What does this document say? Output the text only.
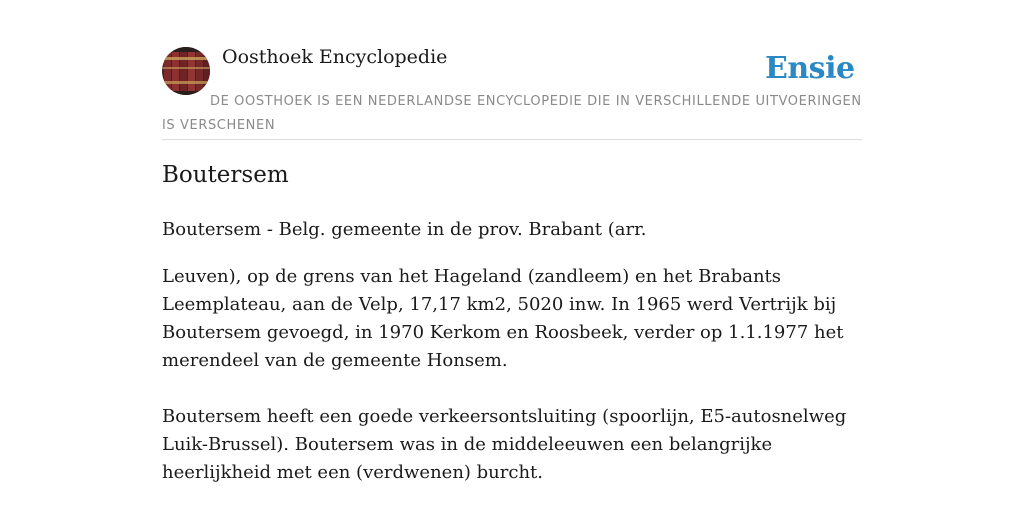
Oosthoek Encyclopedie	Ensie
DE OOSTHOEK IS EEN NEDERLANDSE ENCYCLOPEDIE DIE IN VERSCHILLENDE UITVOERINGEN IS VERSCHENEN
Boutersem

Boutersem - Belg. gemeente in de prov. Brabant (arr.

Leuven), op de grens van het Hageland (zandleem) en het Brabants Leemplateau, aan de Velp, 17,17 km2, 5020 inw. In 1965 werd Vertrijk bij Boutersem gevoegd, in 1970 Kerkom en Roosbeek, verder op 1.1.1977 het merendeel van de gemeente Honsem.

Boutersem heeft een goede verkeersontsluiting (spoorlijn, E5-autosnelweg Luik-Brussel). Boutersem was in de middeleeuwen een belangrijke heerlijkheid met een (verdwenen) burcht.
